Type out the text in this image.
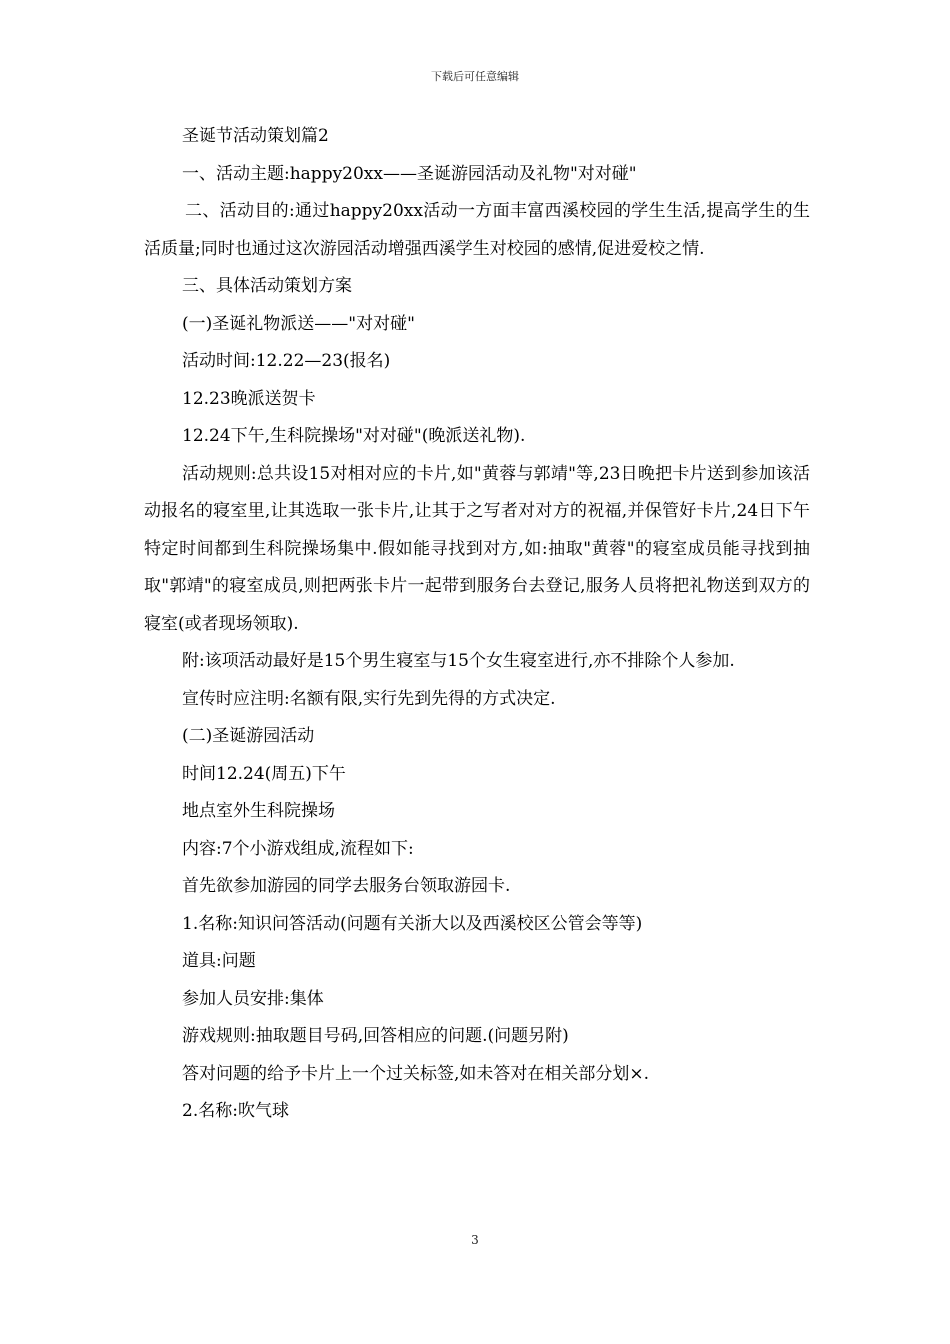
下载后可任意编辑

圣诞节活动策划篇2

一、活动主题:happy20xx——圣诞游园活动及礼物"对对碰"

二、活动目的:通过happy20xx活动一方面丰富西溪校园的学生生活,提高学生的生活质量;同时也通过这次游园活动增强西溪学生对校园的感情,促进爱校之情.

三、具体活动策划方案

(一)圣诞礼物派送——"对对碰"

活动时间:12.22—23(报名)

12.23晚派送贺卡

12.24下午,生科院操场"对对碰"(晚派送礼物).

活动规则:总共设15对相对应的卡片,如"黄蓉与郭靖"等,23日晚把卡片送到参加该活动报名的寝室里,让其选取一张卡片,让其于之写者对对方的祝福,并保管好卡片,24日下午特定时间都到生科院操场集中.假如能寻找到对方,如:抽取"黄蓉"的寝室成员能寻找到抽取"郭靖"的寝室成员,则把两张卡片一起带到服务台去登记,服务人员将把礼物送到双方的寝室(或者现场领取).

附:该项活动最好是15个男生寝室与15个女生寝室进行,亦不排除个人参加.

宣传时应注明:名额有限,实行先到先得的方式决定.

(二)圣诞游园活动

时间12.24(周五)下午

地点室外生科院操场

内容:7个小游戏组成,流程如下:

首先欲参加游园的同学去服务台领取游园卡.

1.名称:知识问答活动(问题有关浙大以及西溪校区公管会等等)

道具:问题

参加人员安排:集体

游戏规则:抽取题目号码,回答相应的问题.(问题另附)

答对问题的给予卡片上一个过关标签,如未答对在相关部分划×.

2.名称:吹气球

3
